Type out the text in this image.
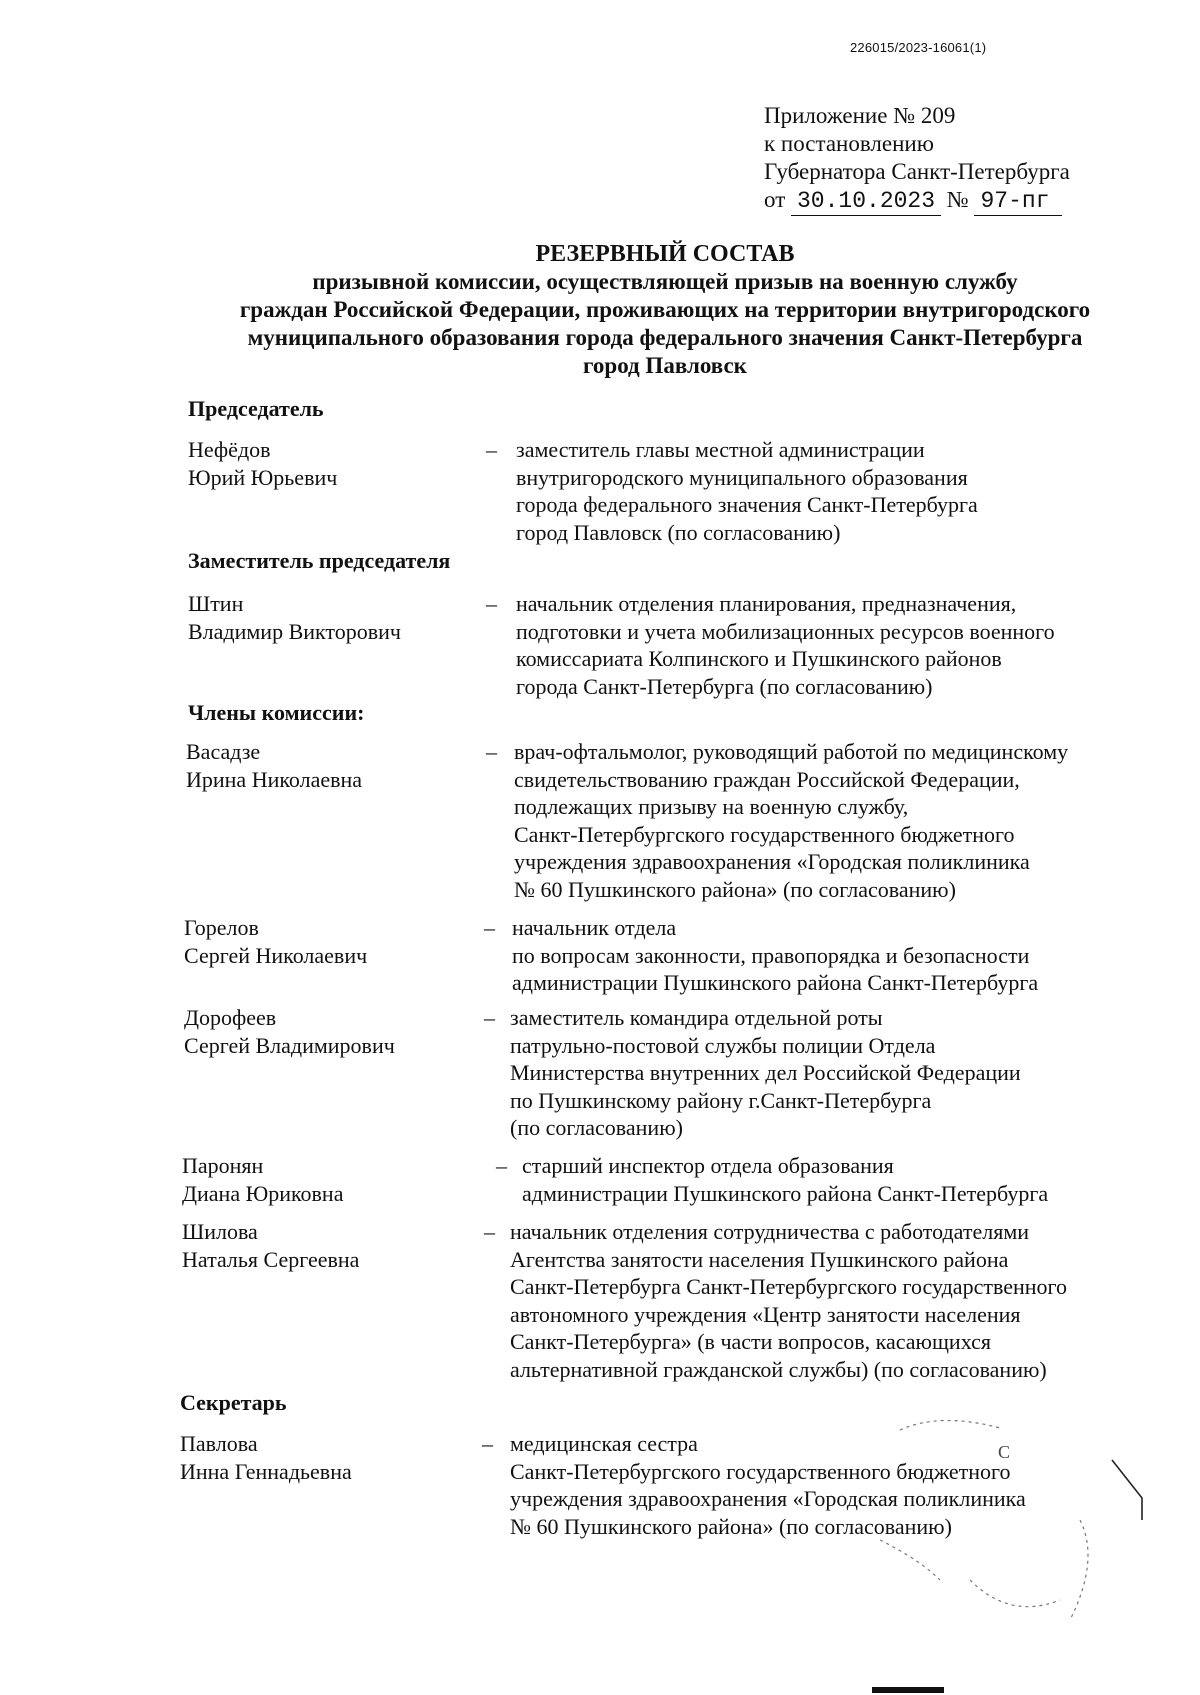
226015/2023-16061(1)
Приложение № 209
к постановлению
Губернатора Санкт-Петербурга
от 30.10.2023 № 97-пг
РЕЗЕРВНЫЙ СОСТАВ
призывной комиссии, осуществляющей призыв на военную службу
граждан Российской Федерации, проживающих на территории внутригородского
муниципального образования города федерального значения Санкт-Петербурга
город Павловск
Председатель
Нефёдов
Юрий Юрьевич
– заместитель главы местной администрации
внутригородского муниципального образования
города федерального значения Санкт-Петербурга
город Павловск (по согласованию)
Заместитель председателя
Штин
Владимир Викторович
– начальник отделения планирования, предназначения,
подготовки и учета мобилизационных ресурсов военного
комиссариата Колпинского и Пушкинского районов
города Санкт-Петербурга (по согласованию)
Члены комиссии:
Васадзе
Ирина Николаевна
– врач-офтальмолог, руководящий работой по медицинскому
свидетельствованию граждан Российской Федерации,
подлежащих призыву на военную службу,
Санкт-Петербургского государственного бюджетного
учреждения здравоохранения «Городская поликлиника
№ 60 Пушкинского района» (по согласованию)
Горелов
Сергей Николаевич
– начальник отдела
по вопросам законности, правопорядка и безопасности
администрации Пушкинского района Санкт-Петербурга
Дорофеев
Сергей Владимирович
– заместитель командира отдельной роты
патрульно-постовой службы полиции Отдела
Министерства внутренних дел Российской Федерации
по Пушкинскому району г.Санкт-Петербурга
(по согласованию)
Паронян
Диана Юриковна
– старший инспектор отдела образования
администрации Пушкинского района Санкт-Петербурга
Шилова
Наталья Сергеевна
– начальник отделения сотрудничества с работодателями
Агентства занятости населения Пушкинского района
Санкт-Петербурга Санкт-Петербургского государственного
автономного учреждения «Центр занятости населения
Санкт-Петербурга» (в части вопросов, касающихся
альтернативной гражданской службы) (по согласованию)
Секретарь
Павлова
Инна Геннадьевна
– медицинская сестра
Санкт-Петербургского государственного бюджетного
учреждения здравоохранения «Городская поликлиника
№ 60 Пушкинского района» (по согласованию)
С
